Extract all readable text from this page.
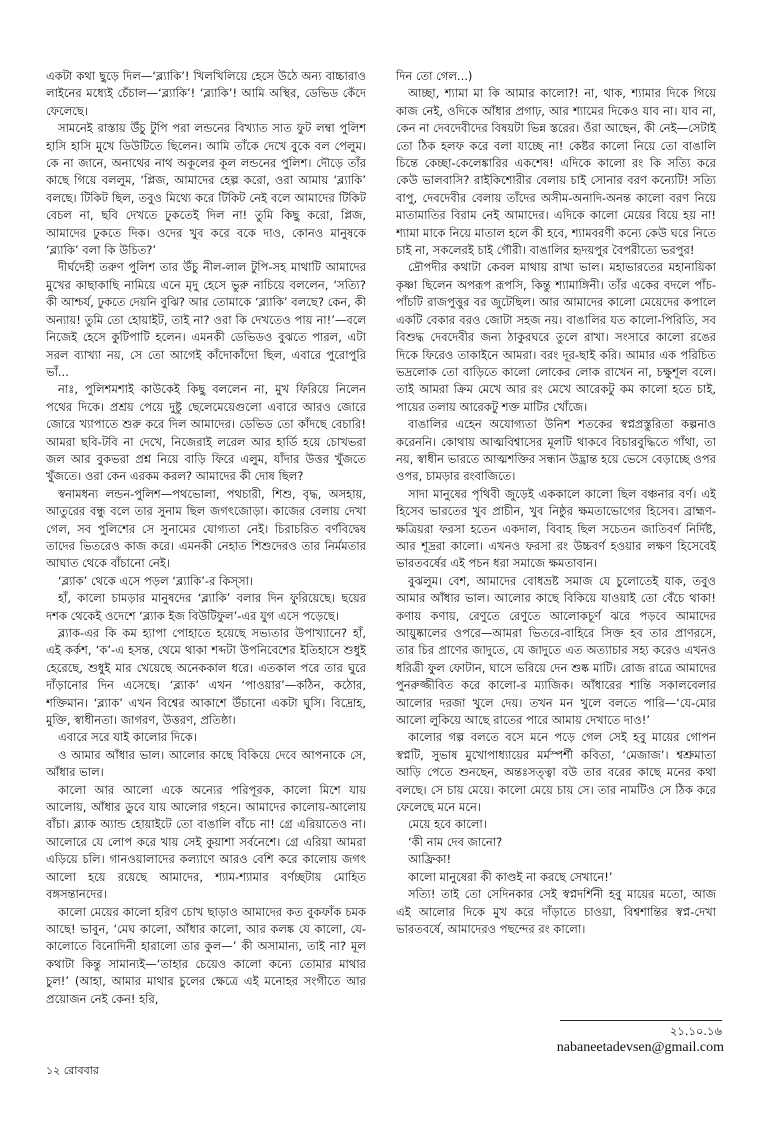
একটা কথা ছুড়ে দিল—‘ব্ল্যাকি’! খিলখিলিয়ে হেসে উঠে অন্য বাচ্চারাও লাইনের মধ্যেই চেঁচাল—‘ব্ল্যাকি’! ‘ব্ল্যাকি’! আমি অস্থির, ডেভিড কেঁদে ফেলেছে।

সামনেই রাস্তায় উঁচু টুপি পরা লন্ডনের বিখ্যাত সাত ফুট লম্বা পুলিশ হাসি হাসি মুখে ডিউটিতে ছিলেন। আমি তাঁকে দেখে বুকে বল পেলুম। কে না জানে, অনাথের নাথ অকূলের কূল লন্ডনের পুলিশ। দৌড়ে তাঁর কাছে গিয়ে বললুম, ‘প্লিজ, আমাদের হেল্প করো, ওরা আমায় ‘ব্ল্যাকি’ বলছে। টিকিট ছিল, তবুও মিথ্যে করে টিকিট নেই বলে আমাদের টিকিট বেচল না, ছবি দেখতে ঢুকতেই দিল না! তুমি কিছু করো, প্লিজ, আমাদের ঢুকতে দিক। ওদের খুব করে বকে দাও, কোনও মানুষকে ‘ব্ল্যাকি’ বলা কি উচিত?’

দীর্ঘদেহী তরুণ পুলিশ তার উঁচু নীল-লাল টুপি-সহ মাথাটি আমাদের মুখের কাছাকাছি নামিয়ে এনে মৃদু হেসে ভুরু নাচিয়ে বললেন, ‘সত্যি? কী আশ্চর্য, ঢুকতে দেয়নি বুঝি? আর তোমাকে ‘ব্ল্যাকি’ বলছে? কেন, কী অন্যায়! তুমি তো হোয়াইট, তাই না? ওরা কি দেখতেও পায় না!’—বলে নিজেই হেসে কুটিপাটি হলেন। এমনকী ডেভিডও বুঝতে পারল, এটা সরল ব্যাখ্যা নয়, সে তো আগেই কাঁদোকাঁদো ছিল, এবারে পুরোপুরি ভাঁ...

নাঃ, পুলিশমশাই কাউকেই কিছু বললেন না, মুখ ফিরিয়ে নিলেন পথের দিকে। প্রশ্রয় পেয়ে দুষ্টু ছেলেমেয়েগুলো এবারে আরও জোরে জোরে খ্যাপাতে শুরু করে দিল আমাদের। ডেভিড তো কাঁদছে বেচারি! আমরা ছবি-টবি না দেখে, নিজেরাই লরেল আর হার্ডি হয়ে চোখভরা জল আর বুকভরা প্রশ্ন নিয়ে বাড়ি ফিরে এলুম, যাঁদার উত্তর খুঁজতে খুঁজতে। ওরা কেন এরকম করল? আমাদের কী দোষ ছিল?

স্বনামধন্য লন্ডন-পুলিশ—পথভোলা, পথচারী, শিশু, বৃদ্ধ, অসহায়, আতুরের বন্ধু বলে তার সুনাম ছিল জগৎজোড়া। কাজের বেলায় দেখা গেল, সব পুলিশের সে সুনামের যোগ্যতা নেই। চিরাচরিত বর্ণবিদ্বেষ তাদের ভিতরেও কাজ করে। এমনকী নেহাত শিশুদেরও তার নির্মমতার আঘাত থেকে বাঁচানো নেই।

‘ব্ল্যাক’ থেকে এসে পড়ল ‘ব্ল্যাকি’-র কিস্সা।

হাঁ, কালো চামড়ার মানুষদের ‘ব্ল্যাকি’ বলার দিন ফুরিয়েছে। ছয়ের দশক থেকেই ওদেশে ‘ব্ল্যাক ইজ বিউটিফুল’-এর যুগ এসে পড়েছে।

ব্ল্যাক-এর কি কম হ্যাপা পোহাতে হয়েছে সভ্যতার উপাখ্যানে? হাঁ, এই কর্কশ, ‘ক’-এ হসন্ত, থেমে থাকা শব্দটা উপনিবেশের ইতিহাসে শুধুই হেরেছে, শুধুই মার খেয়েছে অনেককাল ধরে। এতকাল পরে তার ঘুরে দাঁড়ানোর দিন এসেছে। ‘ব্ল্যাক’ এখন ‘পাওয়ার’—কঠিন, কঠোর, শক্তিমান। ‘ব্ল্যাক’ এখন বিশ্বের আকাশে উঁচানো একটা ঘুসি। বিদ্রোহ, মুক্তি, স্বাধীনতা। জাগরণ, উত্তরণ, প্রতিষ্ঠা।

এবারে সরে যাই কালোর দিকে।

ও আমার আঁধার ভাল। আলোর কাছে বিকিয়ে দেবে আপনাকে সে, আঁধার ভাল।

কালো আর আলো একে অন্যের পরিপূরক, কালো মিশে যায় আলোয়, আঁধার ডুবে যায় আলোর গহনে। আমাদের কালোয়-আলোয় বাঁচা। ব্ল্যাক অ্যান্ড হোয়াইটে তো বাঙালি বাঁচে না! গ্রে এরিয়াতেও না। আলোরে যে লোপ করে খায় সেই কুয়াশা সর্বনেশে। গ্রে এরিয়া আমরা এড়িয়ে চলি। গানওয়ালাদের কল্যাণে আরও বেশি করে কালোয় জগৎ আলো হয়ে রয়েছে আমাদের, শ্যাম-শ্যামার বর্ণচ্ছটায় মোহিত বঙ্গসন্তানদের।

কালো মেয়ের কালো হরিণ চোখ ছাড়াও আমাদের কত বুকফাঁক চমক আছে! ভাবুন, ‘মেঘ কালো, আঁধার কালো, আর কলঙ্ক যে কালো, যে-কালোতে বিনোদিনী হারালো তার কুল—’ কী অসামান্য, তাই না? মূল কথাটা কিন্তু সামান্যই—‘তাহার চেয়েও কালো কন্যে তোমার মাথার চুল!’ (আহা, আমার মাথার চুলের ক্ষেত্রে এই মনোহর সংগীতে আর প্রয়োজন নেই কেন! হরি,

দিন তো গেল...)

আচ্ছা, শ্যামা মা কি আমার কালো?! না, থাক, শ্যামার দিকে গিয়ে কাজ নেই, ওদিকে আঁধার প্রগাঢ়, আর শ্যামের দিকেও যাব না। যাব না, কেন না দেবদেবীদের বিষয়টা ভিন্ন স্তরের। ওঁরা আছেন, কী নেই—সেটাই তো ঠিক হলফ করে বলা যাচ্ছে না! কেষ্টর কালো নিয়ে তো বাঙালি চিন্তে কেচ্ছা-কেলেঙ্কারির একশেষ! এদিকে কালো রং কি সত্যি করে কেউ ভালবাসি? রাইকিশোরীর বেলায় চাই সোনার বরণ কন্যেটি! সত্যি বাপু, দেবদেবীর বেলায় তাঁদের অসীম-অনাদি-অনন্ত কালো বরণ নিয়ে মাতামাতির বিরাম নেই আমাদের। এদিকে কালো মেয়ের বিয়ে হয় না! শ্যামা মাকে নিয়ে মাতাল হলে কী হবে, শ্যামবরণী কন্যে কেউ ঘরে নিতে চাই না, সকলেরই চাই গৌরী। বাঙালির হৃদয়পুর বৈপরীত্যে ভরপুর!

দ্রৌপদীর কথাটা কেবল মাথায় রাখা ভাল। মহাভারতের মহানায়িকা কৃষ্ণা ছিলেন অপরূপ রূপসি, কিন্তু শ্যামাঙ্গিনী। তাঁর একের বদলে পাঁচ-পাঁচটি রাজপুত্তুর বর জুটেছিল। আর আমাদের কালো মেয়েদের কপালে একটি বেকার বরও জোটা সহজ নয়। বাঙালির যত কালো-পিরিতি, সব বিশুদ্ধ দেবদেবীর জন্য ঠাকুরঘরে তুলে রাখা। সংসারে কালো রঙের দিকে ফিরেও তাকাইনে আমরা। বরং দূর-ছাই করি। আমার এক পরিচিত ভদ্রলোক তো বাড়িতে কালো লোকের লোক রাখেন না, চক্ষুশূল বলে। তাই আমরা ক্রিম মেখে আর রং মেখে আরেকটু কম কালো হতে চাই, পায়ের তলায় আরেকটু শক্ত মাটির খোঁজে।

বাঙালির এহেন অযোগ্যতা উনিশ শতকের স্বপ্নপ্রস্তুরিতা কল্পনাও করেননি। কোথায় আত্মবিশ্বাসের মূলটি থাকবে বিচারবুদ্ধিতে গাঁথা, তা নয়, স্বাধীন ভারতে আত্মশক্তির সন্ধান উদ্ভ্রান্ত হয়ে ভেসে বেড়াচ্ছে ওপর ওপর, চামড়ার রংবাজিতে।

সাদা মানুষের পৃথিবী জুড়েই এককালে কালো ছিল বঞ্চনার বর্ণ। এই হিসেব ভারতের খুব প্রাচীন, খুব নিষ্ঠুর ক্ষমতাভোগের হিসেব। ব্রাহ্মণ-ক্ষত্রিয়রা ফরসা হতেন একদাল, বিবাহ ছিল সচেতন জাতিবর্ণ নির্দিষ্ট, আর শূদ্ররা কালো। এখনও ফরসা রং উচ্চবর্ণ হওয়ার লক্ষণ হিসেবেই ভারতবর্ষের এই পচন ধরা সমাজে ক্ষমতাবান।

বুঝলুম। বেশ, আমাদের বোধভ্রষ্ট সমাজ যে চুলোতেই যাক, তবুও আমার আঁধার ভাল। আলোর কাছে বিকিয়ে যাওয়াই তো বেঁচে থাকা! কণায় কণায়, রেণুতে রেণুতে আলোকচূর্ণ ঝরে পড়বে আমাদের আয়ুষ্কালের ওপরে—আমরা ভিতরে-বাহিরে সিক্ত হব তার প্রাণরসে, তার চির প্রাণের জাদুতে, যে জাদুতে এত অত্যাচার সহ্য করেও এখনও ধরিত্রী ফুল ফোটান, ঘাসে ভরিয়ে দেন শুষ্ক মাটি। রোজ রাত্রে আমাদের পুনরুজ্জীবিত করে কালো-র ম্যাজিক। আঁধারের শান্তি সকালবেলার আলোর দরজা খুলে দেয়। তখন মন খুলে বলতে পারি—‘যে-মোর আলো লুকিয়ে আছে রাতের পারে আমায় দেখাতে দাও!’

কালোর গল্প বলতে বসে মনে পড়ে গেল সেই হবু মায়ের গোপন স্বপ্নটি, সুভাষ মুখোপাধ্যায়ের মর্মস্পর্শী কবিতা, ‘মেজাজ’। শ্বশ্রুমাতা আড়ি পেতে শুনছেন, অন্তঃসত্ত্বা বউ তার বরের কাছে মনের কথা বলছে। সে চায় মেয়ে। কালো মেয়ে চায় সে। তার নামটিও সে ঠিক করে ফেলেছে মনে মনে।

মেয়ে হবে কালো।

‘কী নাম দেব জানো?

আফ্রিকা!

কালো মানুষেরা কী কাণ্ডই না করছে সেখানে!’

সত্যি! তাই তো সেদিনকার সেই স্বপ্নদর্শিনী হবু মায়ের মতো, আজ এই আলোর দিকে মুখ করে দাঁড়াতে চাওয়া, বিশ্বশান্তির স্বপ্ন-দেখা ভারতবর্ষে, আমাদেরও পছন্দের রং কালো।

২১.১০.১৬
nabaneetadevsen@gmail.com
১২ রোববার
